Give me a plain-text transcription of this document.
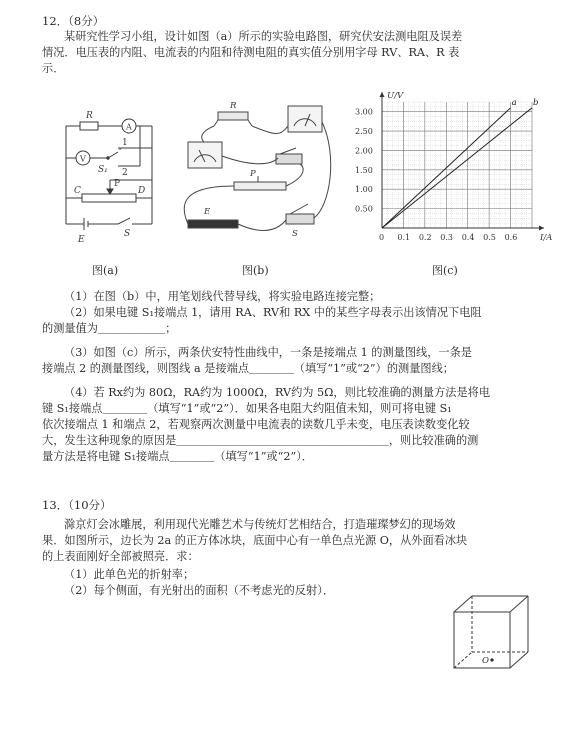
12．（8分）
某研究性学习小组，设计如图（a）所示的实验电路图，研究伏安法测电阻及误差
情况．电压表的内阻、电流表的内阻和待测电阻的真实值分别用字母 RV、RA、R 表
示．
R
A
V
S₁
1
2
C
P
D
E
S
R
E
S
P
0 0.1 0.2 0.3 0.4 0.5 0.6
0.50
1.00
1.50
2.00
2.50
3.00
I/A
U/V
a b
图(a)	图(b)	图(c)
（1）在图（b）中，用笔划线代替导线，将实验电路连接完整；
（2）如果电键 S₁接端点 1，请用 RA、RV和 RX 中的某些字母表示出该情况下电阻
的测量值为＿＿＿＿＿＿；
（3）如图（c）所示，两条伏安特性曲线中，一条是接端点 1 的测量图线，一条是
接端点 2 的测量图线，则图线 a 是接端点＿＿＿＿（填写“1”或“2”）的测量图线；
（4）若 Rx约为 80Ω，RA约为 1000Ω，RV约为 5Ω，则比较准确的测量方法是将电
键 S₁接端点＿＿＿＿（填写“1”或“2”）．如果各电阻大约阻值未知，则可将电键 S₁
依次接端点 1 和端点 2，若观察两次测量中电流表的读数几乎未变，电压表读数变化较
大，发生这种现象的原因是＿＿＿＿＿＿＿＿＿＿＿＿＿＿＿＿＿＿＿，则比较准确的测
量方法是将电键 S₁接端点＿＿＿＿（填写“1”或“2”）．
13．（10分）
滁京灯会冰雕展，利用现代光雕艺术与传统灯艺相结合，打造璀璨梦幻的现场效
果．如图所示，边长为 2a 的正方体冰块，底面中心有一单色点光源 O，从外面看冰块
的上表面刚好全部被照亮．求：
（1）此单色光的折射率；
（2）每个侧面，有光射出的面积（不考虑光的反射）．
O
